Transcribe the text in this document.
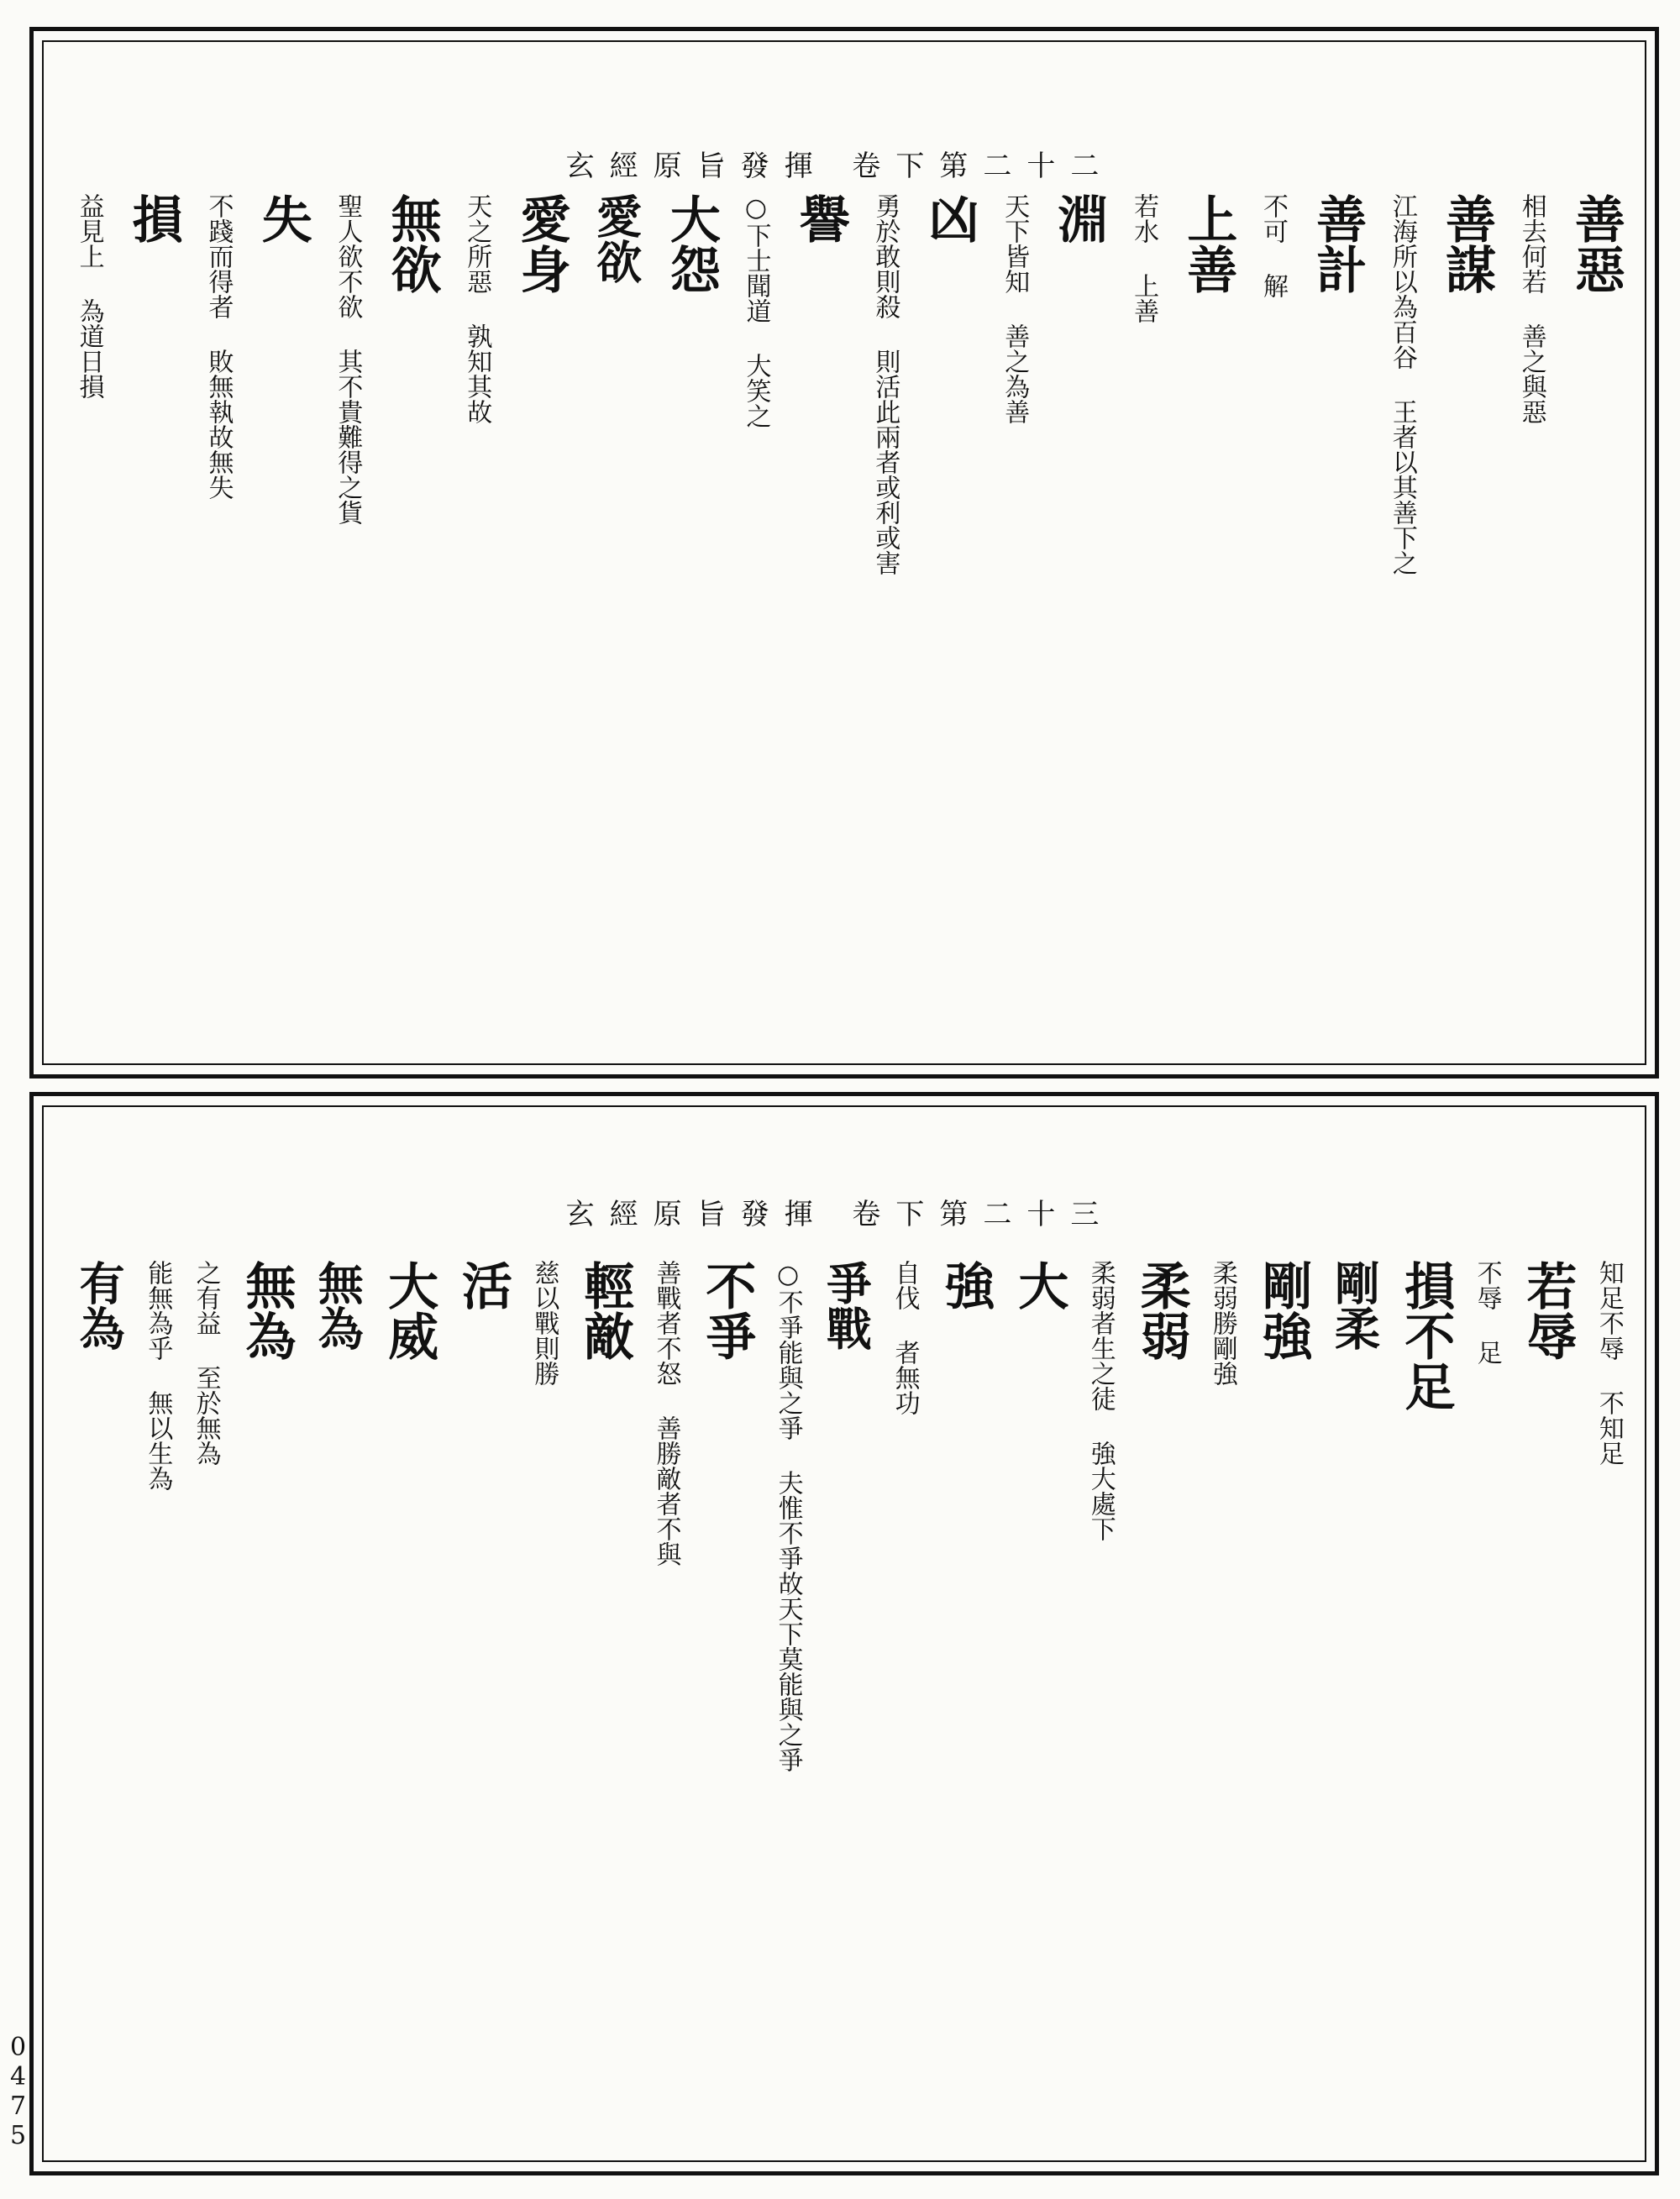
玄經原旨發揮 卷下第二十二
玄經原旨發揮 卷下第二十三
善惡
相去何若 善之與惡
善謀
江海所以為百谷 王者以其善下之
善計
不可 解
上善
若水 上善
淵
天下皆知 善之為善
凶
勇於敢則殺 則活此兩者或利或害
譽
○下士聞道 大笑之
大怨
愛欲
愛身
天之所惡 孰知其故
無欲
聖人欲不欲 其不貴難得之貨
失
不踐而得者 敗無執故無失
損
益見上 為道日損
知足不辱 不知足
若辱
不辱 足
損不足
剛柔
剛強
柔弱勝剛強
柔弱
柔弱者生之徒 強大處下
大
強
自伐 者無功
爭戰
○不爭能與之爭 夫惟不爭故天下莫能與之爭
不爭
善戰者不怒 善勝敵者不與
輕敵
慈以戰則勝
活
大威
無為
無為
之有益 至於無為
能無為乎 無以生為
有為
0475
